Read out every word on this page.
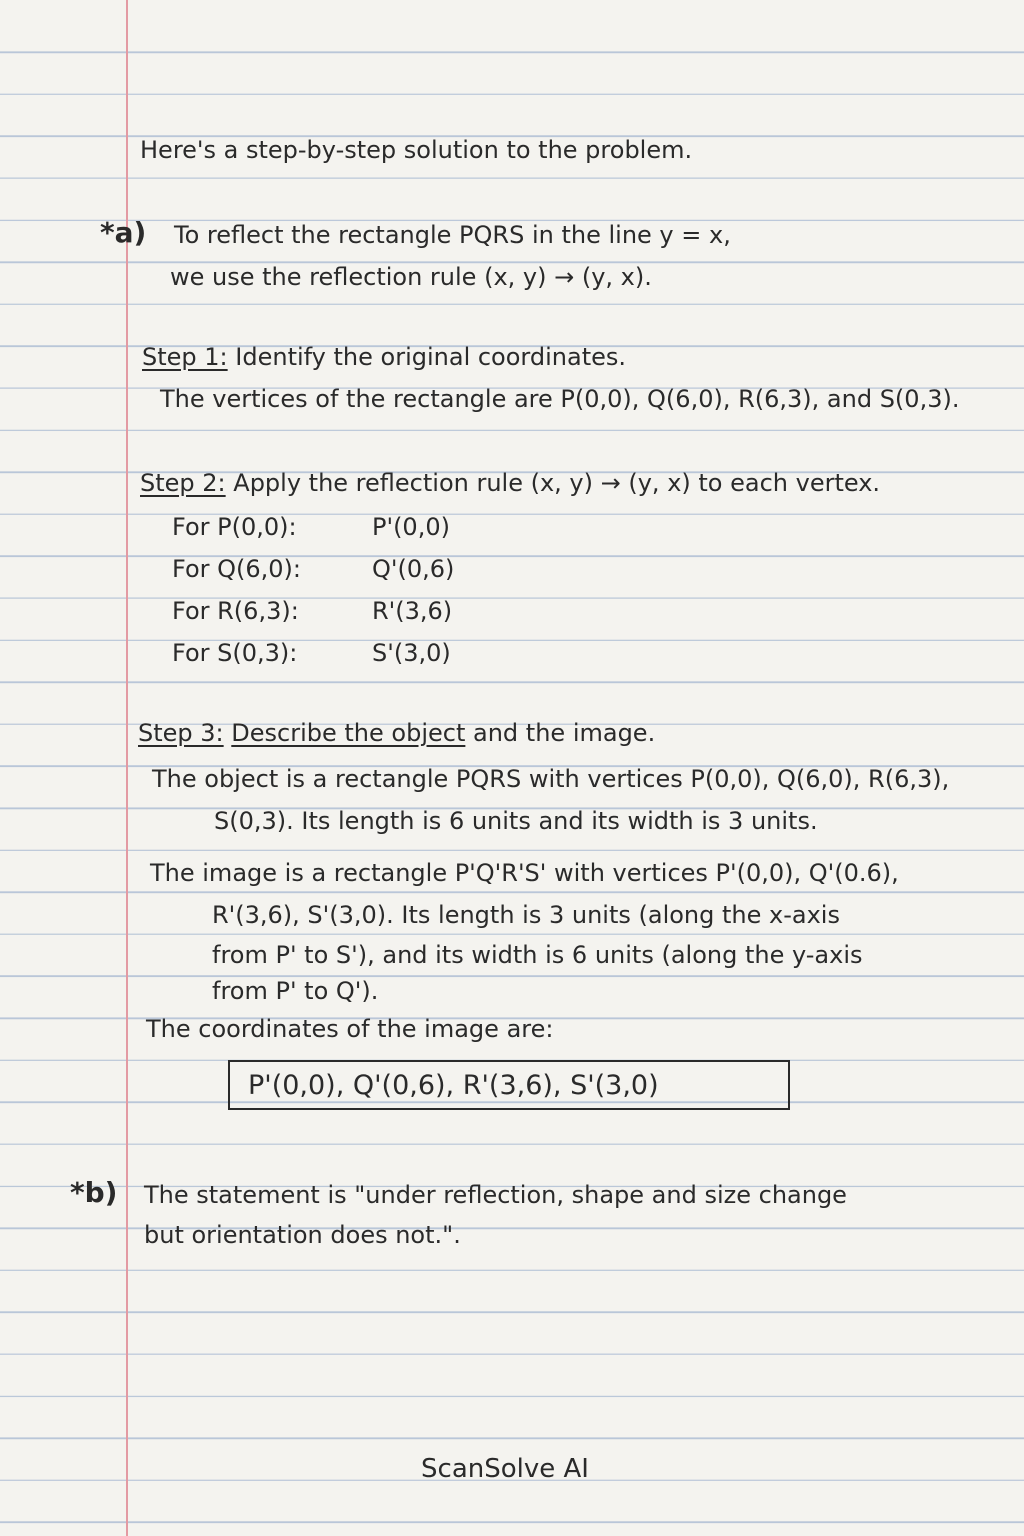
Here's a step-by-step solution to the problem.
*a) To reflect the rectangle PQRS in the line y = x,
we use the reflection rule (x, y) → (y, x).
Step 1: Identify the original coordinates.
The vertices of the rectangle are P(0,0), Q(6,0), R(6,3), and S(0,3).
Step 2: Apply the reflection rule (x, y) → (y, x) to each vertex.
For P(0,0):	P'(0,0)
For Q(6,0):	Q'(0,6)
For R(6,3):	R'(3,6)
For S(0,3):	S'(3,0)
Step 3: Describe the object and the image.
The object is a rectangle PQRS with vertices P(0,0), Q(6,0), R(6,3),
S(0,3). Its length is 6 units and its width is 3 units.
The image is a rectangle P'Q'R'S' with vertices P'(0,0), Q'(0.6),
R'(3,6), S'(3,0). Its length is 3 units (along the x-axis
from P' to S'), and its width is 6 units (along the y-axis
from P' to Q').
The coordinates of the image are:
P'(0,0), Q'(0,6), R'(3,6), S'(3,0)
*b) The statement is "under reflection, shape and size change
but orientation does not.".
ScanSolve AI
